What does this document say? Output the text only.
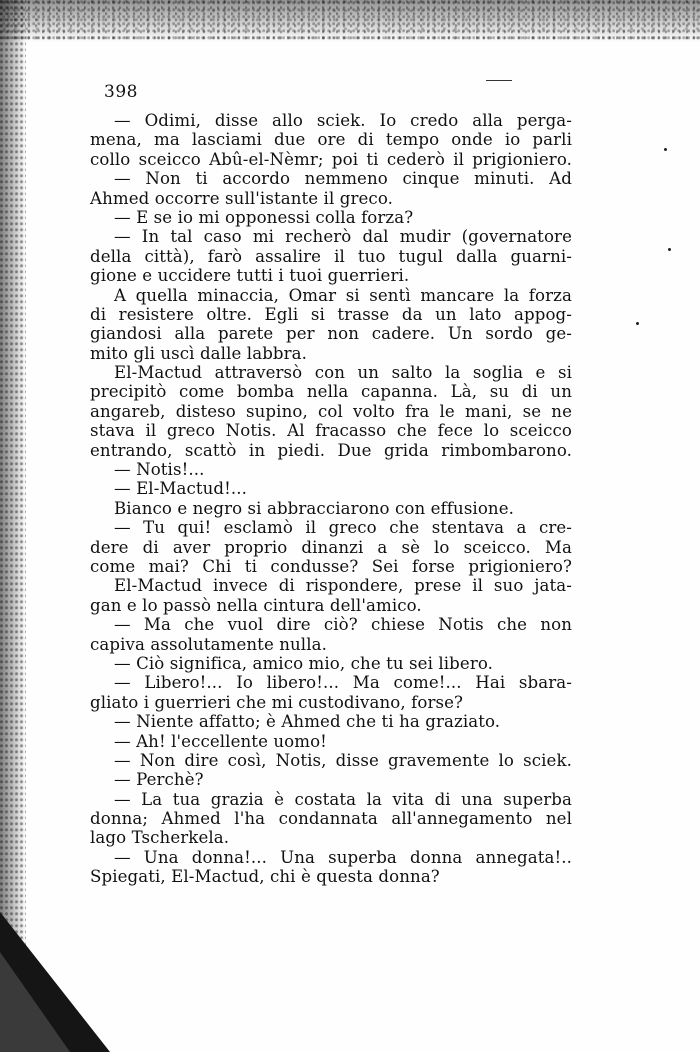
398
— Odimi, disse allo sciek. Io credo alla perga-
mena, ma lasciami due ore di tempo onde io parli
collo sceicco Abû-el-Nèmr; poi ti cederò il prigioniero.
— Non ti accordo nemmeno cinque minuti. Ad
Ahmed occorre sull'istante il greco.
— E se io mi opponessi colla forza?
— In tal caso mi recherò dal mudir (governatore
della città), farò assalire il tuo tugul dalla guarni-
gione e uccidere tutti i tuoi guerrieri.
A quella minaccia, Omar si sentì mancare la forza
di resistere oltre. Egli si trasse da un lato appog-
giandosi alla parete per non cadere. Un sordo ge-
mito gli uscì dalle labbra.
El-Mactud attraversò con un salto la soglia e si
precipitò come bomba nella capanna. Là, su di un
angareb, disteso supino, col volto fra le mani, se ne
stava il greco Notis. Al fracasso che fece lo sceicco
entrando, scattò in piedi. Due grida rimbombarono.
— Notis!...
— El-Mactud!...
Bianco e negro si abbracciarono con effusione.
— Tu qui! esclamò il greco che stentava a cre-
dere di aver proprio dinanzi a sè lo sceicco. Ma
come mai? Chi ti condusse? Sei forse prigioniero?
El-Mactud invece di rispondere, prese il suo jata-
gan e lo passò nella cintura dell'amico.
— Ma che vuol dire ciò? chiese Notis che non
capiva assolutamente nulla.
— Ciò significa, amico mio, che tu sei libero.
— Libero!... Io libero!... Ma come!... Hai sbara-
gliato i guerrieri che mi custodivano, forse?
— Niente affatto; è Ahmed che ti ha graziato.
— Ah! l'eccellente uomo!
— Non dire così, Notis, disse gravemente lo sciek.
— Perchè?
— La tua grazia è costata la vita di una superba
donna; Ahmed l'ha condannata all'annegamento nel
lago Tscherkela.
— Una donna!... Una superba donna annegata!..
Spiegati, El-Mactud, chi è questa donna?
